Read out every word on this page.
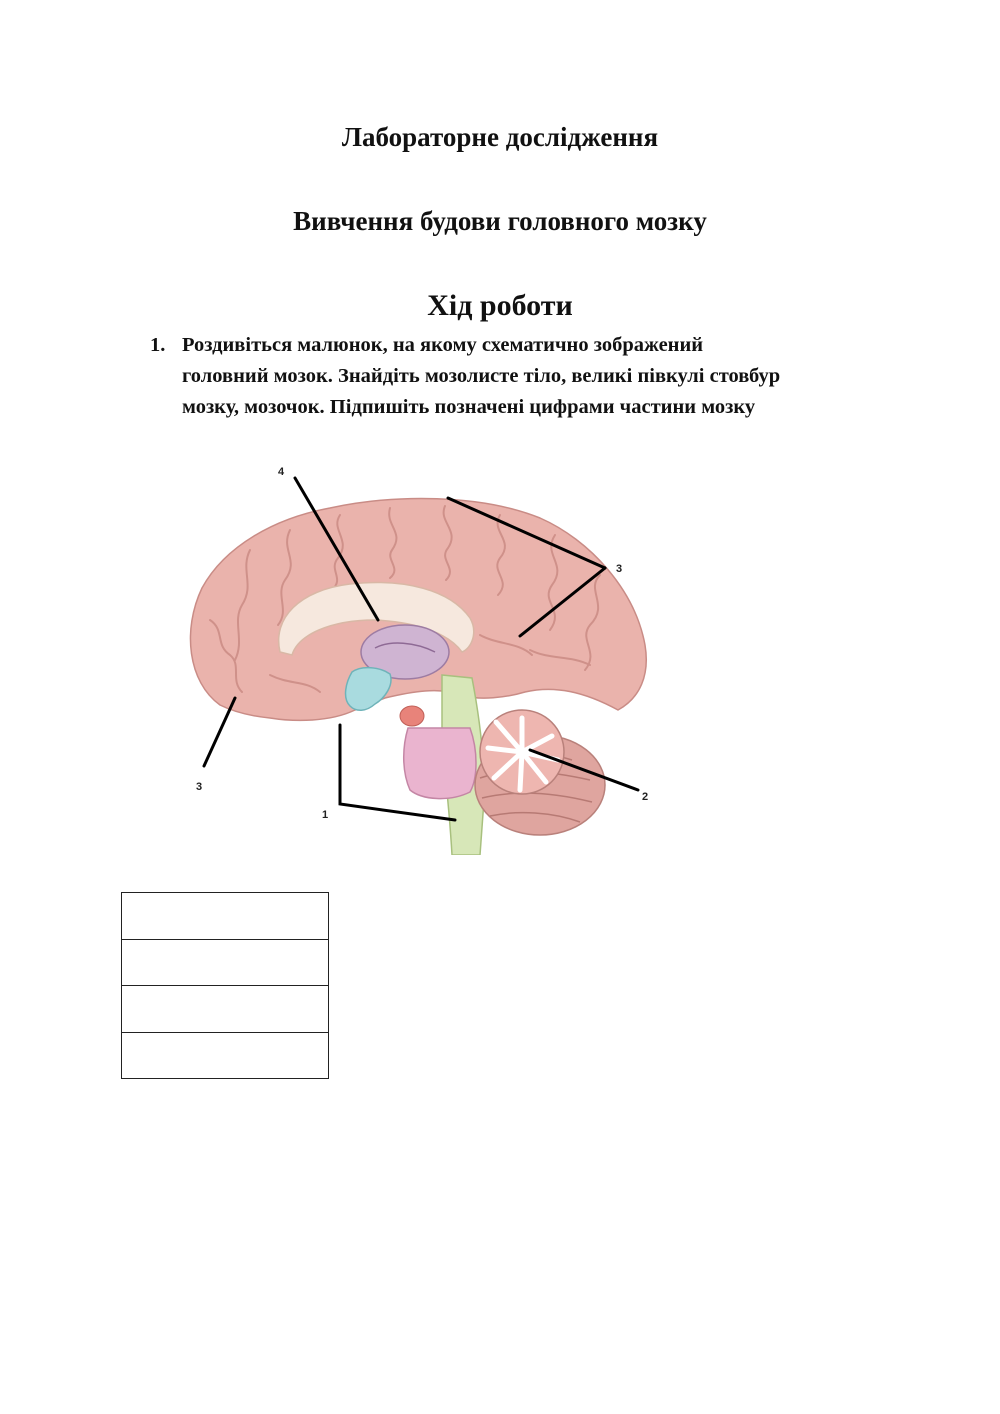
Лабораторне дослідження
Вивчення будови головного мозку
Хід роботи
1. Роздивіться малюнок, на якому схематично зображений
головний мозок. Знайдіть мозолисте тіло, великі півкулі стовбур
мозку, мозочок. Підпишіть позначені цифрами частини мозку
4
3
3
1
2
